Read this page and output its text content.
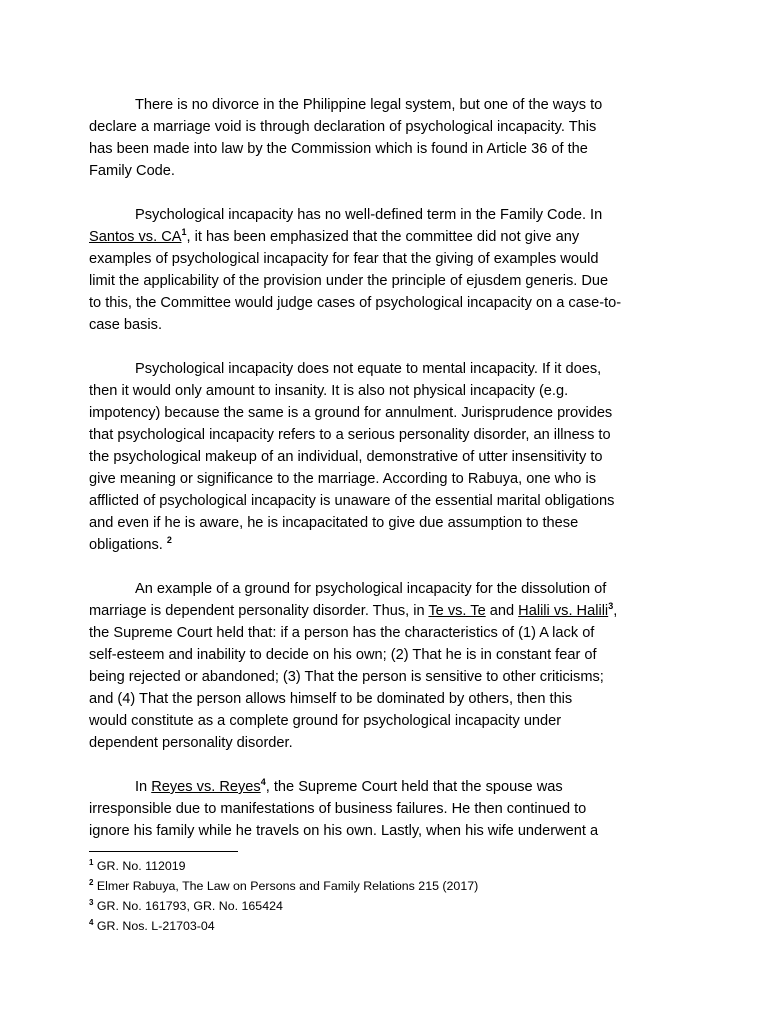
There is no divorce in the Philippine legal system, but one of the ways to
declare a marriage void is through declaration of psychological incapacity. This
has been made into law by the Commission which is found in Article 36 of the
Family Code.

Psychological incapacity has no well-defined term in the Family Code. In
Santos vs. $CA^1$, it has been emphasized that the committee did not give any
examples of psychological incapacity for fear that the giving of examples would
limit the applicability of the provision under the principle of ejusdem generis. Due
to this, the Committee would judge cases of psychological incapacity on a case-to-
case basis.

Psychological incapacity does not equate to mental incapacity. If it does,
then it would only amount to insanity. It is also not physical incapacity (e.g.
impotency) because the same is a ground for annulment. Jurisprudence provides
that psychological incapacity refers to a serious personality disorder, an illness to
the psychological makeup of an individual, demonstrative of utter insensitivity to
give meaning or significance to the marriage. According to Rabuya, one who is
afflicted of psychological incapacity is unaware of the essential marital obligations
and even if he is aware, he is incapacitated to give due assumption to these
obligations. $^2$

An example of a ground for psychological incapacity for the dissolution of
marriage is dependent personality disorder. Thus, in Te vs. Te and Halili vs. Halili$^3$,
the Supreme Court held that: if a person has the characteristics of (1) A lack of
self-esteem and inability to decide on his own; (2) That he is in constant fear of
being rejected or abandoned; (3) That the person is sensitive to other criticisms;
and (4) That the person allows himself to be dominated by others, then this
would constitute as a complete ground for psychological incapacity under
dependent personality disorder.

In Reyes vs. Reyes$^4$, the Supreme Court held that the spouse was
irresponsible due to manifestations of business failures. He then continued to
ignore his family while he travels on his own. Lastly, when his wife underwent a

$^1$ GR. No. 112019
$^2$ Elmer Rabuya, The Law on Persons and Family Relations 215 (2017)
$^3$ GR. No. 161793, GR. No. 165424
$^4$ GR. Nos. L-21703-04
